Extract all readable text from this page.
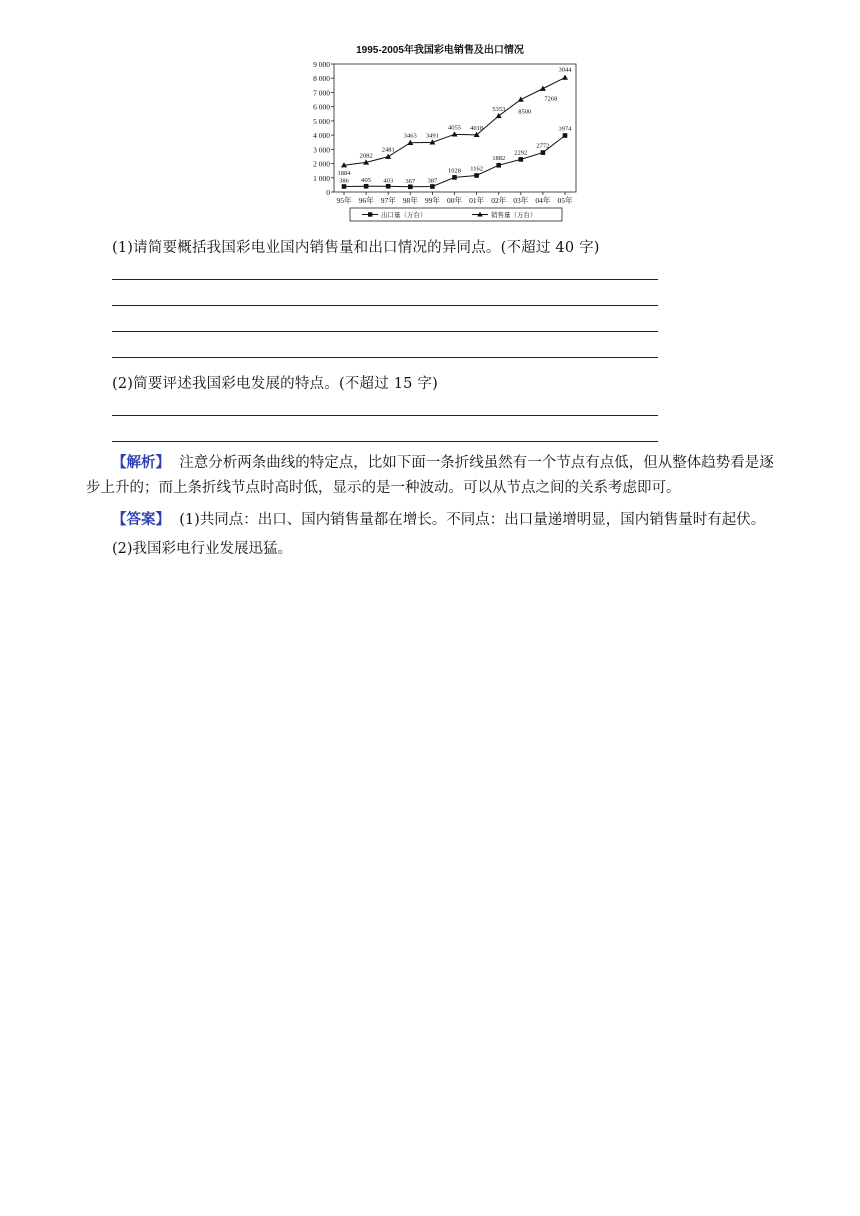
1995-2005年我国彩电销售及出口情况
0
1 000
2 000
3 000
4 000
5 000
6 000
7 000
8 000
9 000
95年 96年 97年 98年 99年 00年 01年 02年 03年 04年 05年
386 405 403 367 387
1028 1162
1882
2292
2772
3974
1884
2082
2481
3463 3491
4055 4018
5353 8500
7268
3044
出口量（万台）	销售量（万台）
(1)请简要概括我国彩电业国内销售量和出口情况的异同点。(不超过 40 字)
(2)简要评述我国彩电发展的特点。(不超过 15 字)
【解析】 注意分析两条曲线的特定点，比如下面一条折线虽然有一个节点有点低，但从整体趋势看是逐步上升的；而上条折线节点时高时低，显示的是一种波动。可以从节点之间的关系考虑即可。
【答案】 (1)共同点：出口、国内销售量都在增长。不同点：出口量递增明显，国内销售量时有起伏。
(2)我国彩电行业发展迅猛。
